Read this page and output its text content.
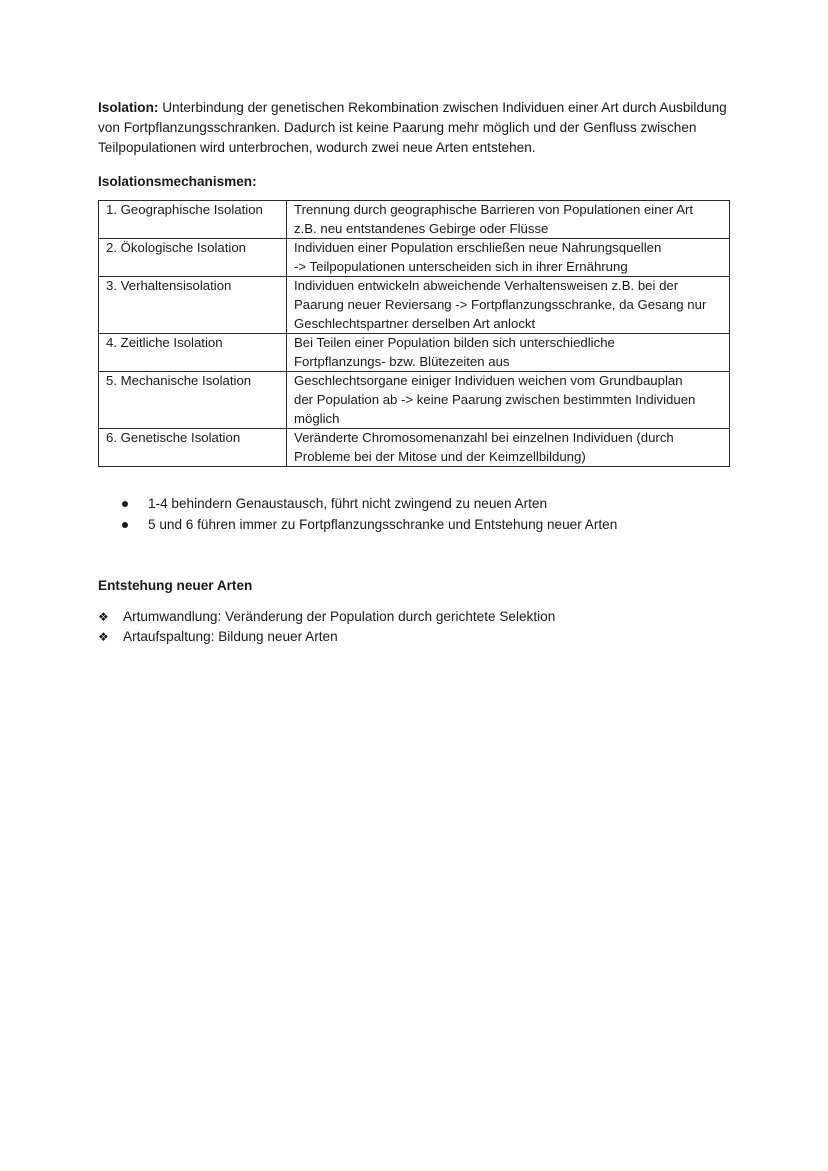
Isolation: Unterbindung der genetischen Rekombination zwischen Individuen einer Art durch Ausbildung von Fortpflanzungsschranken. Dadurch ist keine Paarung mehr möglich und der Genfluss zwischen Teilpopulationen wird unterbrochen, wodurch zwei neue Arten entstehen.

Isolationsmechanismen:

1. Geographische Isolation	Trennung durch geographische Barrieren von Populationen einer Art
z.B. neu entstandenes Gebirge oder Flüsse
2. Ökologische Isolation	Individuen einer Population erschließen neue Nahrungsquellen
-> Teilpopulationen unterscheiden sich in ihrer Ernährung
3. Verhaltensisolation	Individuen entwickeln abweichende Verhaltensweisen z.B. bei der
Paarung neuer Reviersang -> Fortpflanzungsschranke, da Gesang nur
Geschlechtspartner derselben Art anlockt
4. Zeitliche Isolation	Bei Teilen einer Population bilden sich unterschiedliche
Fortpflanzungs- bzw. Blütezeiten aus
5. Mechanische Isolation	Geschlechtsorgane einiger Individuen weichen vom Grundbauplan
der Population ab -> keine Paarung zwischen bestimmten Individuen
möglich
6. Genetische Isolation	Veränderte Chromosomenanzahl bei einzelnen Individuen (durch
Probleme bei der Mitose und der Keimzellbildung)
1-4 behindern Genaustausch, führt nicht zwingend zu neuen Arten
5 und 6 führen immer zu Fortpflanzungsschranke und Entstehung neuer Arten

Entstehung neuer Arten

❖ Artumwandlung: Veränderung der Population durch gerichtete Selektion
❖ Artaufspaltung: Bildung neuer Arten
